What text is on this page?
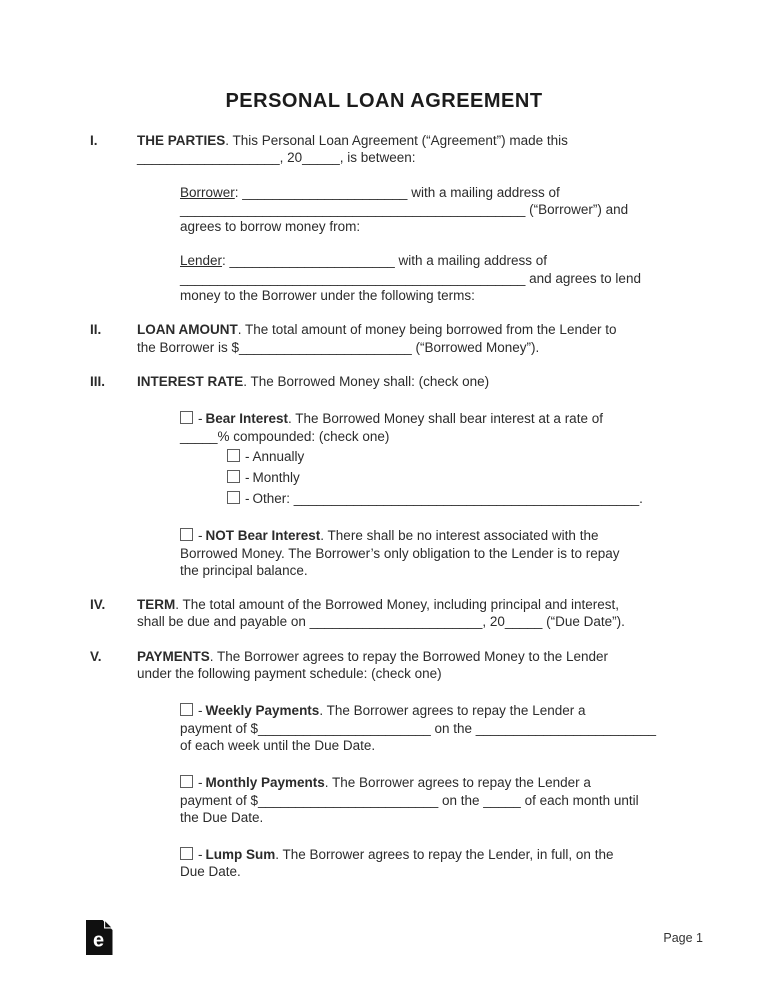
PERSONAL LOAN AGREEMENT
I.	THE PARTIES. This Personal Loan Agreement (“Agreement”) made this
___________________, 20_____, is between:
Borrower: ______________________ with a mailing address of
______________________________________________ (“Borrower”) and
agrees to borrow money from:
Lender: ______________________ with a mailing address of
______________________________________________ and agrees to lend
money to the Borrower under the following terms:
II.	LOAN AMOUNT. The total amount of money being borrowed from the Lender to
the Borrower is $_______________________ (“Borrowed Money”).
III.	INTEREST RATE. The Borrowed Money shall: (check one)
- Bear Interest. The Borrowed Money shall bear interest at a rate of
_____% compounded: (check one)
- Annually
- Monthly
- Other: ______________________________________________.
- NOT Bear Interest. There shall be no interest associated with the
Borrowed Money. The Borrower’s only obligation to the Lender is to repay
the principal balance.
IV.	TERM. The total amount of the Borrowed Money, including principal and interest,
shall be due and payable on _______________________, 20_____ (“Due Date”).
V.	PAYMENTS. The Borrower agrees to repay the Borrowed Money to the Lender
under the following payment schedule: (check one)
- Weekly Payments. The Borrower agrees to repay the Lender a
payment of $_______________________ on the ________________________
of each week until the Due Date.
- Monthly Payments. The Borrower agrees to repay the Lender a
payment of $________________________ on the _____ of each month until
the Due Date.
- Lump Sum. The Borrower agrees to repay the Lender, in full, on the
Due Date.
e	Page 1
